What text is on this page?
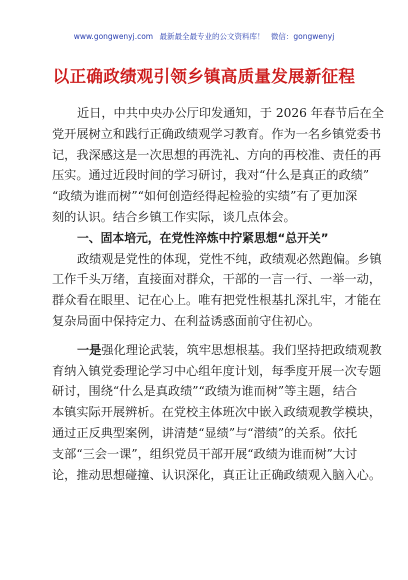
www.gongwenyj.com 最新最全最专业的公文资料库！ 微信：gongwenyj
以正确政绩观引领乡镇高质量发展新征程
近日，中共中央办公厅印发通知，于 2026 年春节后在全
党开展树立和践行正确政绩观学习教育。作为一名乡镇党委书
记，我深感这是一次思想的再洗礼、方向的再校准、责任的再
压实。通过近段时间的学习研讨，我对“什么是真正的政绩”
“政绩为谁而树”“如何创造经得起检验的实绩”有了更加深
刻的认识。结合乡镇工作实际，谈几点体会。
一、固本培元，在党性淬炼中拧紧思想“总开关”
政绩观是党性的体现，党性不纯，政绩观必然跑偏。乡镇
工作千头万绪，直接面对群众，干部的一言一行、一举一动，
群众看在眼里、记在心上。唯有把党性根基扎深扎牢，才能在
复杂局面中保持定力、在利益诱惑面前守住初心。
一是强化理论武装，筑牢思想根基。我们坚持把政绩观教
育纳入镇党委理论学习中心组年度计划，每季度开展一次专题
研讨，围绕“什么是真政绩”“政绩为谁而树”等主题，结合
本镇实际开展辨析。在党校主体班次中嵌入政绩观教学模块，
通过正反典型案例，讲清楚“显绩”与“潜绩”的关系。依托
支部“三会一课”，组织党员干部开展“政绩为谁而树”大讨
论，推动思想碰撞、认识深化，真正让正确政绩观入脑入心。
